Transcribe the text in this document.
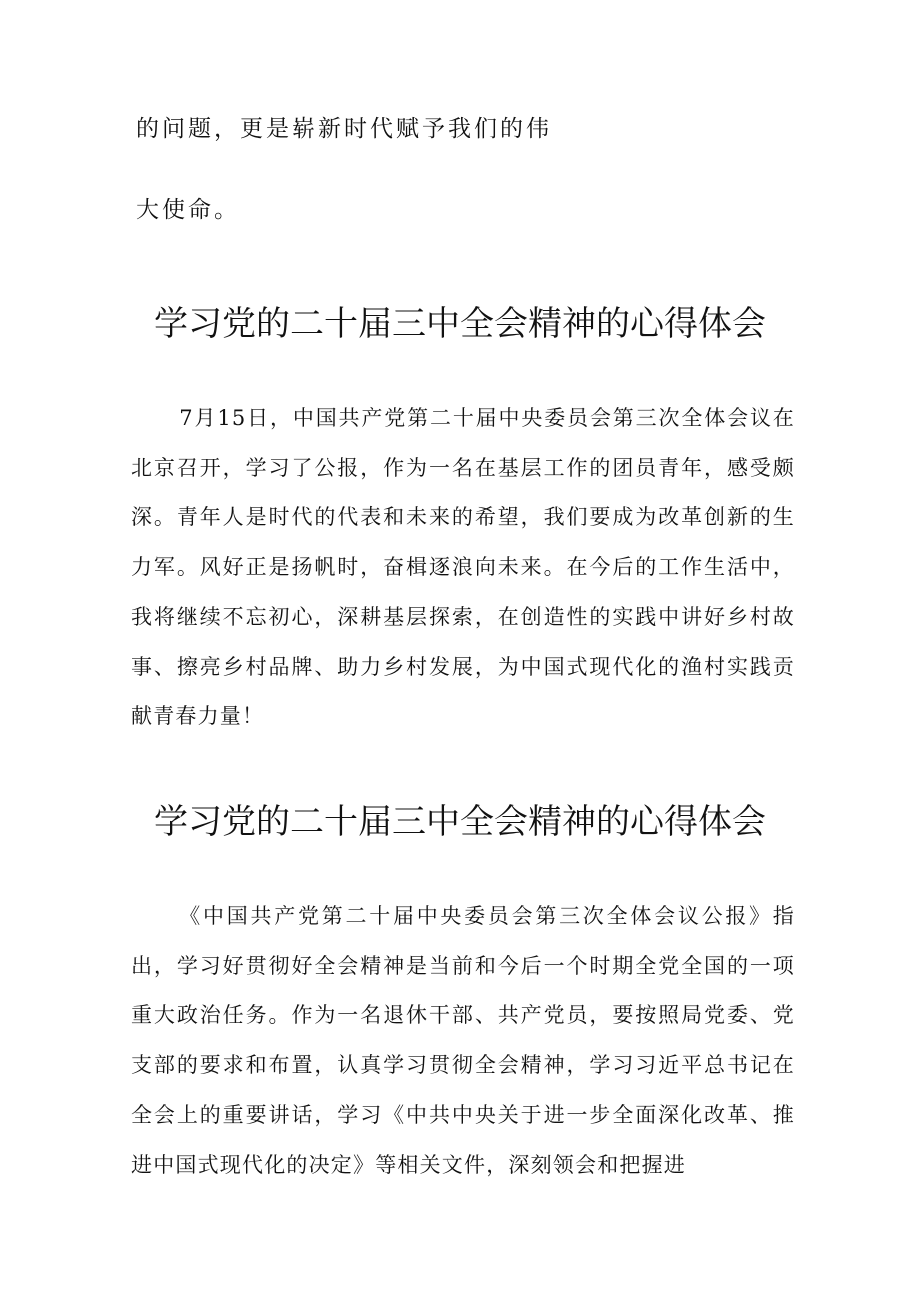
的问题，更是崭新时代赋予我们的伟

大使命。

学习党的二十届三中全会精神的心得体会

7月15日，中国共产党第二十届中央委员会第三次全体会议在北京召开，学习了公报，作为一名在基层工作的团员青年，感受颇深。青年人是时代的代表和未来的希望，我们要成为改革创新的生力军。风好正是扬帆时，奋楫逐浪向未来。在今后的工作生活中，我将继续不忘初心，深耕基层探索，在创造性的实践中讲好乡村故事、擦亮乡村品牌、助力乡村发展，为中国式现代化的渔村实践贡献青春力量！

学习党的二十届三中全会精神的心得体会

《中国共产党第二十届中央委员会第三次全体会议公报》指出，学习好贯彻好全会精神是当前和今后一个时期全党全国的一项重大政治任务。作为一名退休干部、共产党员，要按照局党委、党支部的要求和布置，认真学习贯彻全会精神，学习习近平总书记在全会上的重要讲话，学习《中共中央关于进一步全面深化改革、推进中国式现代化的决定》等相关文件，深刻领会和把握进
